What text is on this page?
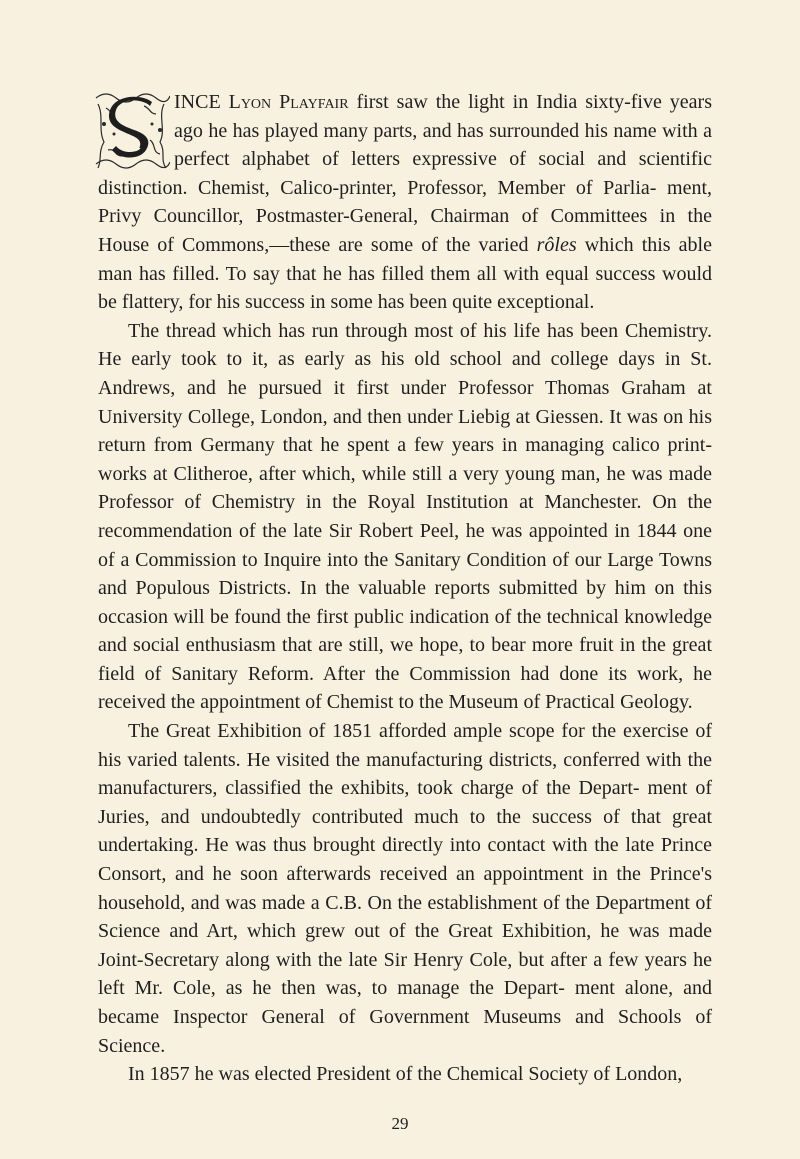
INCE Lyon Playfair first saw the light in India sixty-five years ago he has played many parts, and has surrounded his name with a perfect alphabet of letters expressive of social and scientific distinction. Chemist, Calico-printer, Professor, Member of Parlia- ment, Privy Councillor, Postmaster-General, Chairman of Committees in the House of Commons,—these are some of the varied rôles which this able man has filled. To say that he has filled them all with equal success would be flattery, for his success in some has been quite exceptional.

The thread which has run through most of his life has been Chemistry. He early took to it, as early as his old school and college days in St. Andrews, and he pursued it first under Professor Thomas Graham at University College, London, and then under Liebig at Giessen. It was on his return from Germany that he spent a few years in managing calico print-works at Clitheroe, after which, while still a very young man, he was made Professor of Chemistry in the Royal Institution at Manchester. On the recommendation of the late Sir Robert Peel, he was appointed in 1844 one of a Commission to Inquire into the Sanitary Condition of our Large Towns and Populous Districts. In the valuable reports submitted by him on this occasion will be found the first public indication of the technical knowledge and social enthusiasm that are still, we hope, to bear more fruit in the great field of Sanitary Reform. After the Commission had done its work, he received the appointment of Chemist to the Museum of Practical Geology.

The Great Exhibition of 1851 afforded ample scope for the exercise of his varied talents. He visited the manufacturing districts, conferred with the manufacturers, classified the exhibits, took charge of the Depart- ment of Juries, and undoubtedly contributed much to the success of that great undertaking. He was thus brought directly into contact with the late Prince Consort, and he soon afterwards received an appointment in the Prince's household, and was made a C.B. On the establishment of the Department of Science and Art, which grew out of the Great Exhibition, he was made Joint-Secretary along with the late Sir Henry Cole, but after a few years he left Mr. Cole, as he then was, to manage the Depart- ment alone, and became Inspector General of Government Museums and Schools of Science.

In 1857 he was elected President of the Chemical Society of London,

29
